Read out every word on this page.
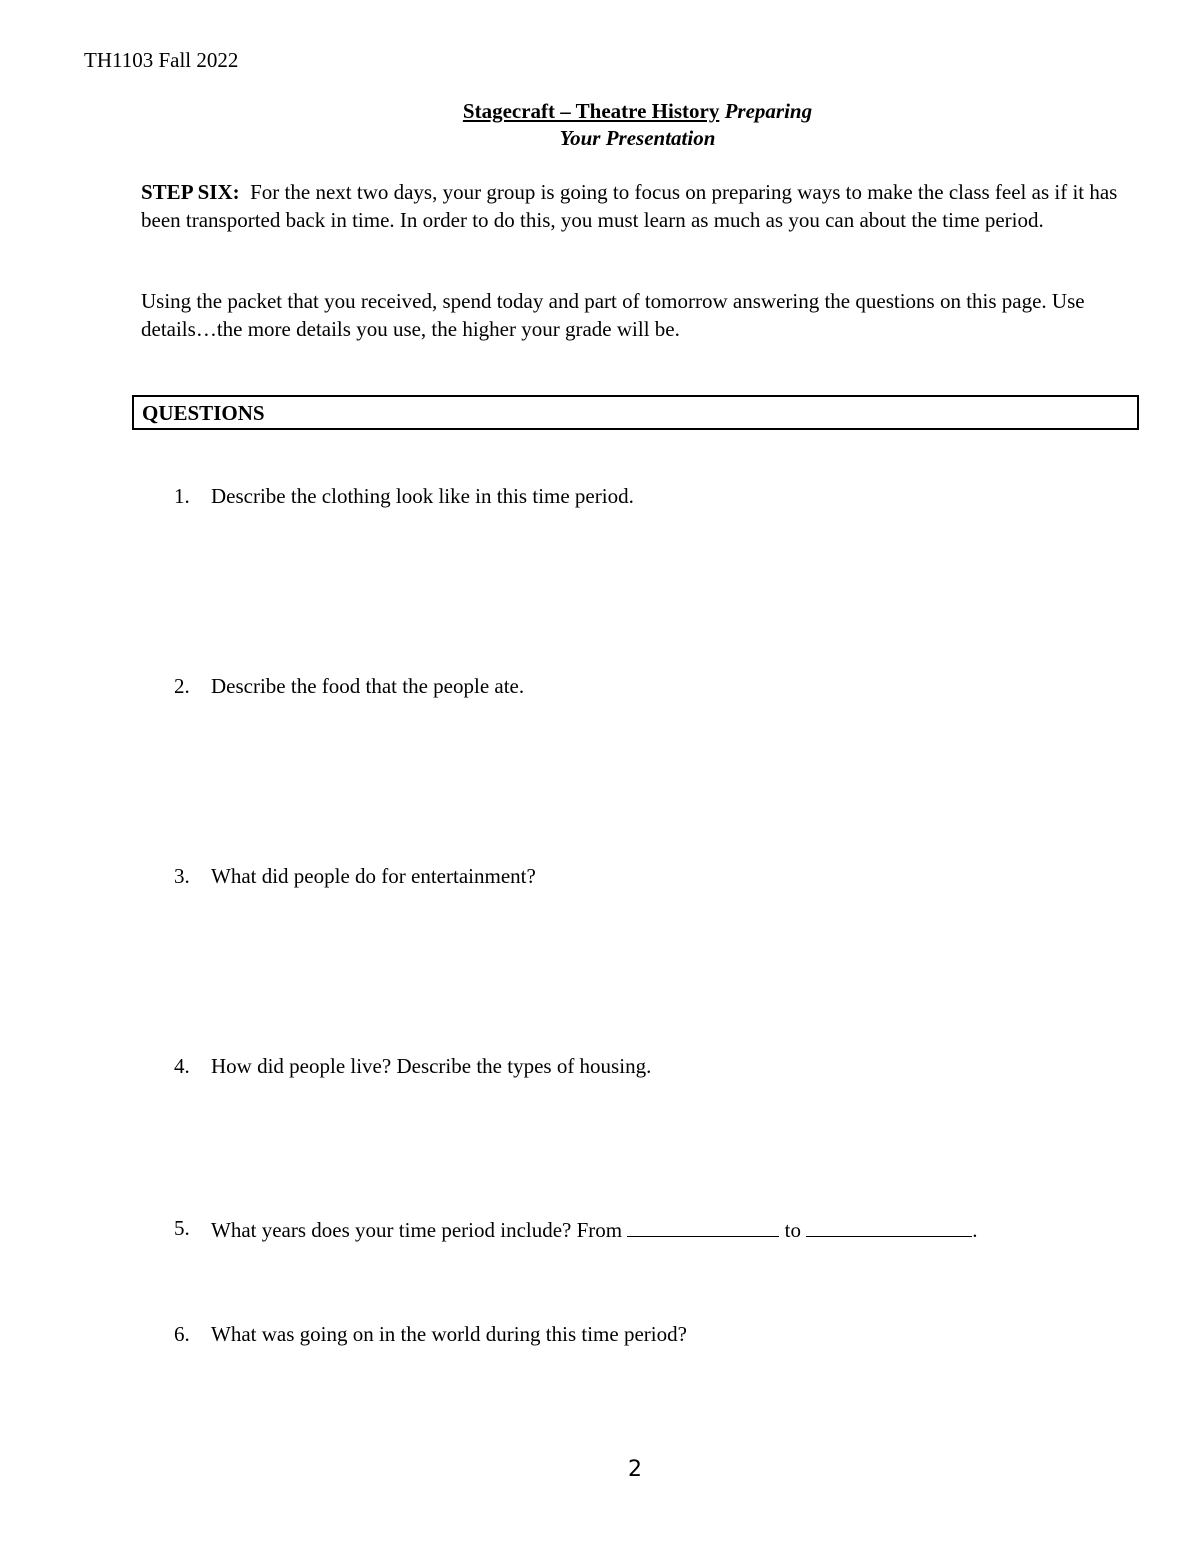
TH1103 Fall 2022
Stagecraft – Theatre History Preparing
Your Presentation
STEP SIX: For the next two days, your group is going to focus on preparing ways to make the class feel as if it has been transported back in time. In order to do this, you must learn as much as you can about the time period.
Using the packet that you received, spend today and part of tomorrow answering the questions on this page. Use details…the more details you use, the higher your grade will be.
QUESTIONS
1.	Describe the clothing look like in this time period.
2.	Describe the food that the people ate.
3.	What did people do for entertainment?
4.	How did people live? Describe the types of housing.
5.	What years does your time period include? From	to	.
6.	What was going on in the world during this time period?
2
